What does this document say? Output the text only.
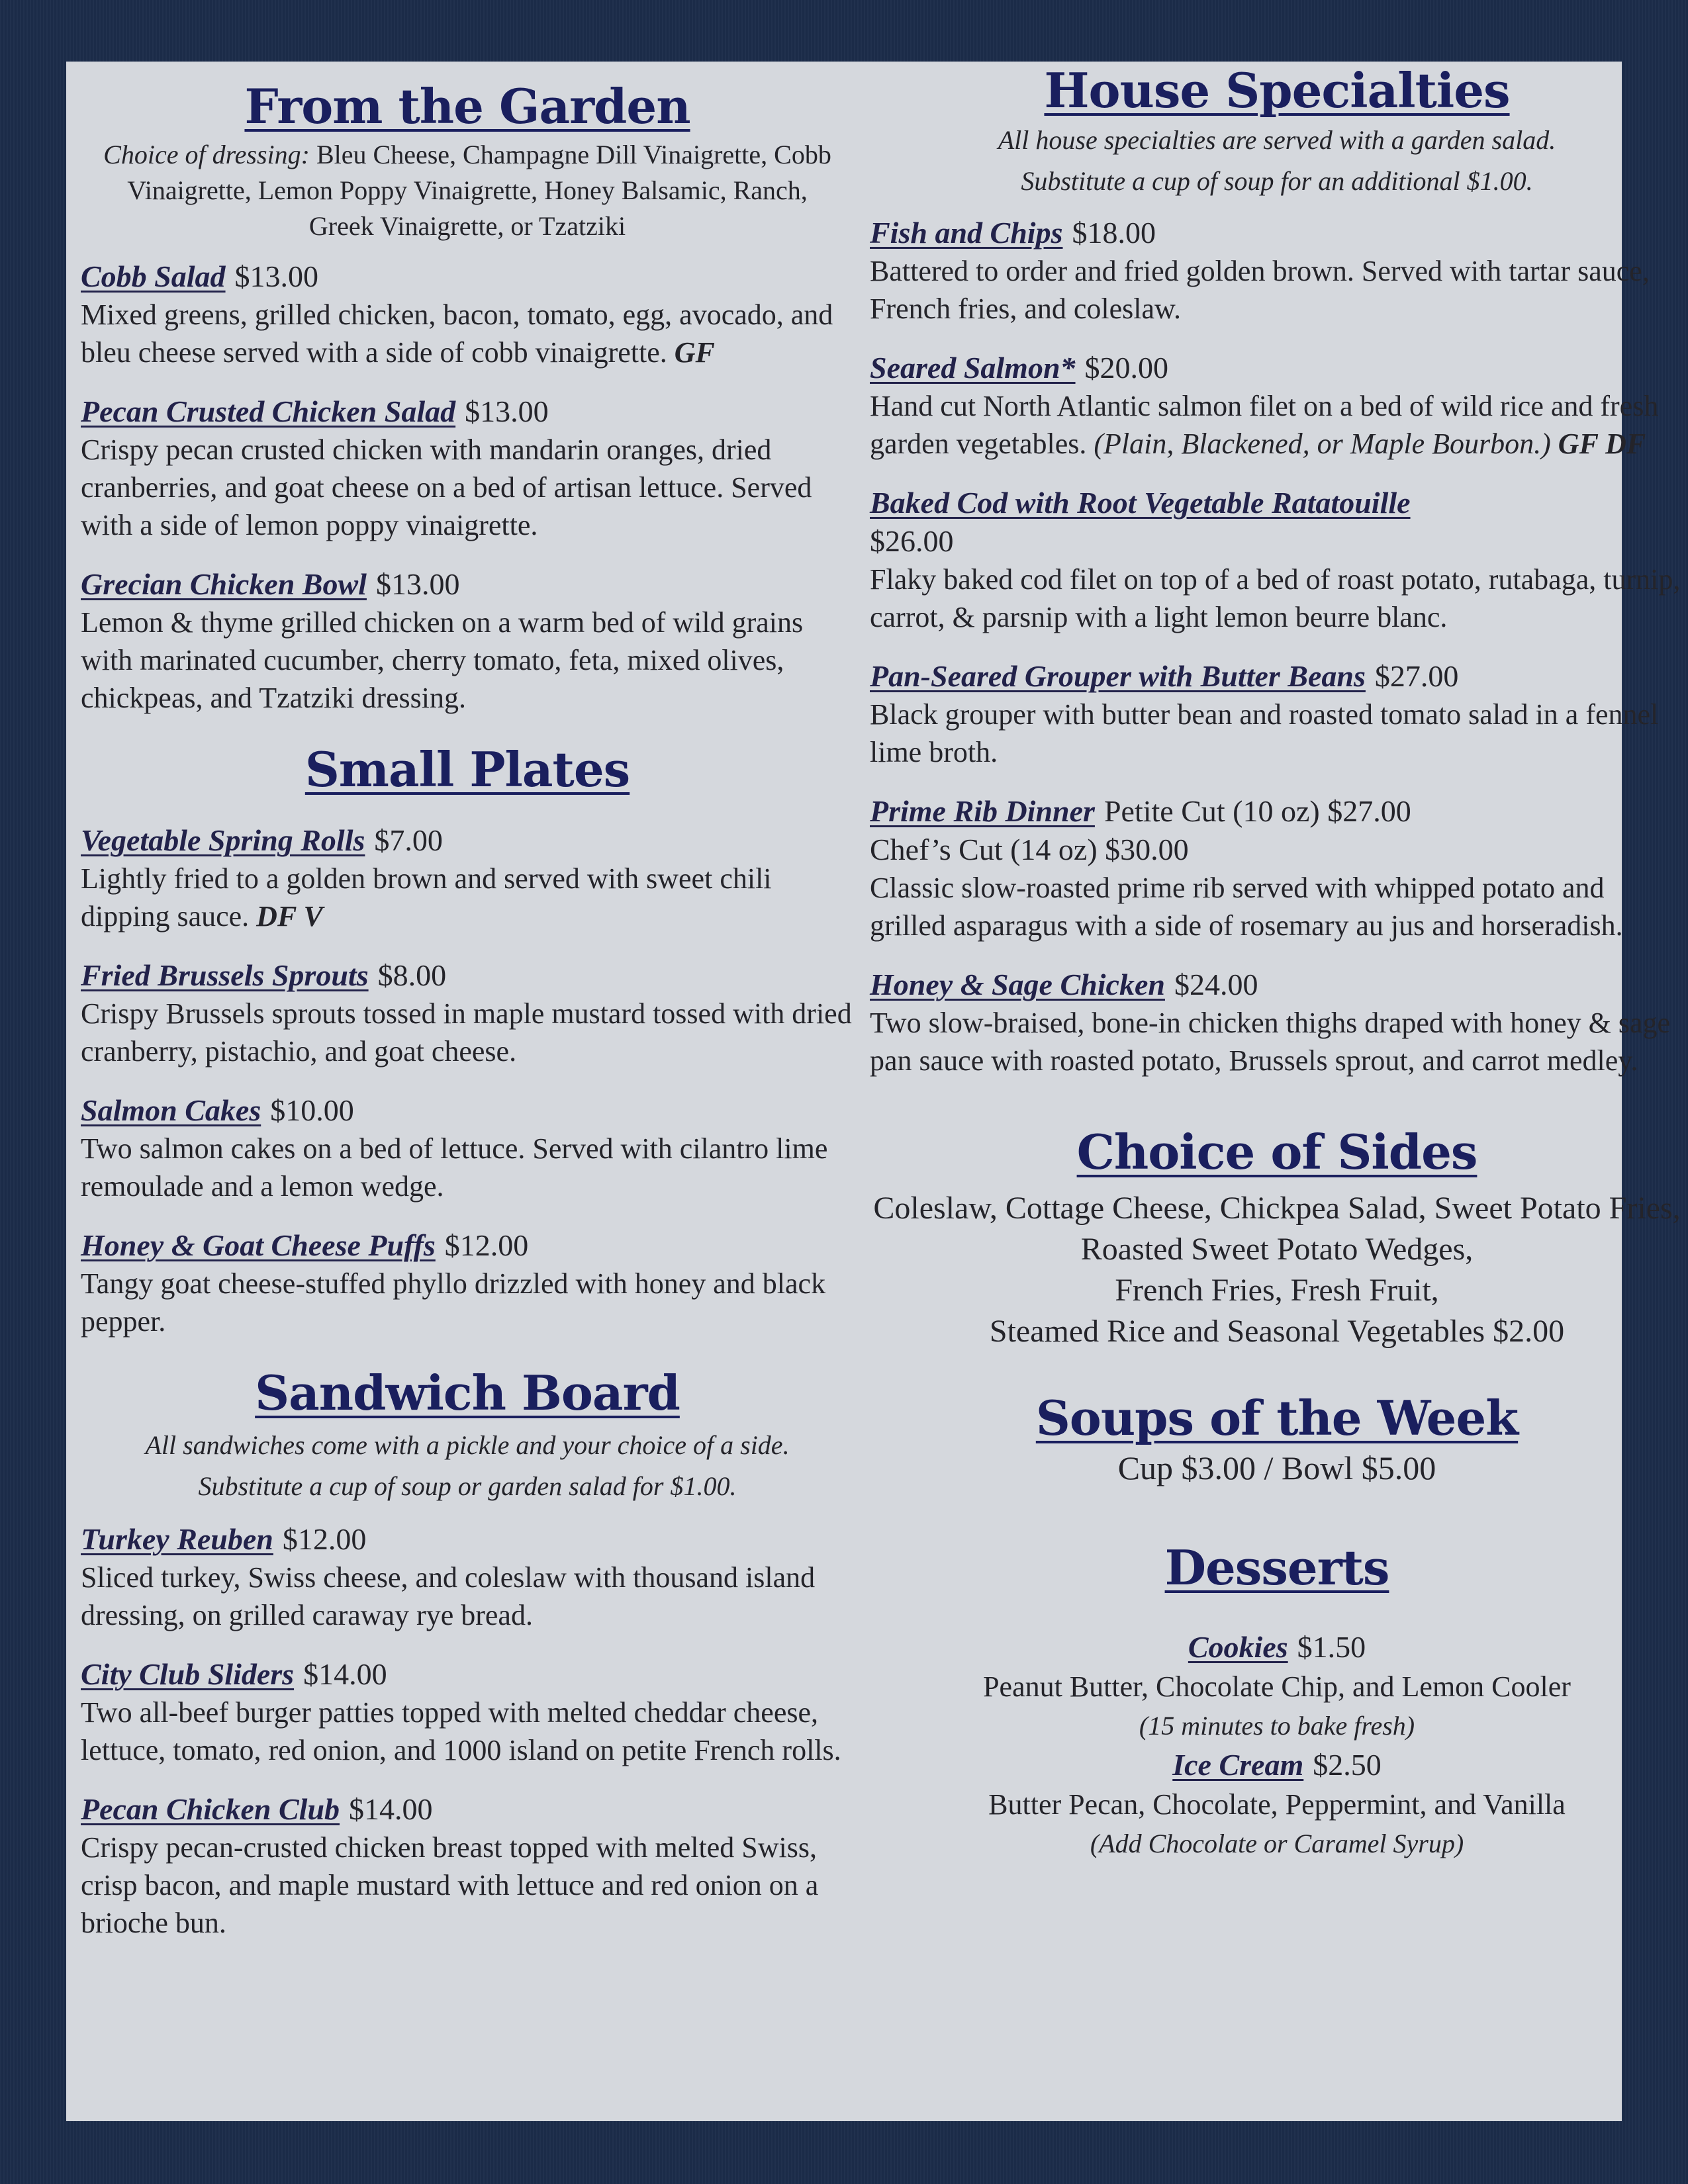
From the Garden
Choice of dressing: Bleu Cheese, Champagne Dill Vinaigrette, Cobb Vinaigrette, Lemon Poppy Vinaigrette, Honey Balsamic, Ranch, Greek Vinaigrette, or Tzatziki
Cobb Salad $13.00
Mixed greens, grilled chicken, bacon, tomato, egg, avocado, and bleu cheese served with a side of cobb vinaigrette. GF
Pecan Crusted Chicken Salad $13.00
Crispy pecan crusted chicken with mandarin oranges, dried cranberries, and goat cheese on a bed of artisan lettuce. Served with a side of lemon poppy vinaigrette.
Grecian Chicken Bowl $13.00
Lemon & thyme grilled chicken on a warm bed of wild grains with marinated cucumber, cherry tomato, feta, mixed olives, chickpeas, and Tzatziki dressing.
Small Plates
Vegetable Spring Rolls $7.00
Lightly fried to a golden brown and served with sweet chili dipping sauce. DF V
Fried Brussels Sprouts $8.00
Crispy Brussels sprouts tossed in maple mustard tossed with dried cranberry, pistachio, and goat cheese.
Salmon Cakes $10.00
Two salmon cakes on a bed of lettuce. Served with cilantro lime remoulade and a lemon wedge.
Honey & Goat Cheese Puffs $12.00
Tangy goat cheese-stuffed phyllo drizzled with honey and black pepper.
Sandwich Board
All sandwiches come with a pickle and your choice of a side.
Substitute a cup of soup or garden salad for $1.00.
Turkey Reuben $12.00
Sliced turkey, Swiss cheese, and coleslaw with thousand island dressing, on grilled caraway rye bread.
City Club Sliders $14.00
Two all-beef burger patties topped with melted cheddar cheese, lettuce, tomato, red onion, and 1000 island on petite French rolls.
Pecan Chicken Club $14.00
Crispy pecan-crusted chicken breast topped with melted Swiss, crisp bacon, and maple mustard with lettuce and red onion on a brioche bun.
House Specialties
All house specialties are served with a garden salad.
Substitute a cup of soup for an additional $1.00.
Fish and Chips $18.00
Battered to order and fried golden brown. Served with tartar sauce, French fries, and coleslaw.
Seared Salmon* $20.00
Hand cut North Atlantic salmon filet on a bed of wild rice and fresh garden vegetables. (Plain, Blackened, or Maple Bourbon.) GF DF
Baked Cod with Root Vegetable Ratatouille
$26.00
Flaky baked cod filet on top of a bed of roast potato, rutabaga, turnip, carrot, & parsnip with a light lemon beurre blanc.
Pan-Seared Grouper with Butter Beans $27.00
Black grouper with butter bean and roasted tomato salad in a fennel lime broth.
Prime Rib Dinner Petite Cut (10 oz) $27.00
Chef’s Cut (14 oz) $30.00
Classic slow-roasted prime rib served with whipped potato and grilled asparagus with a side of rosemary au jus and horseradish.
Honey & Sage Chicken $24.00
Two slow-braised, bone-in chicken thighs draped with honey & sage pan sauce with roasted potato, Brussels sprout, and carrot medley.
Choice of Sides
Coleslaw, Cottage Cheese, Chickpea Salad, Sweet Potato Fries, Roasted Sweet Potato Wedges,
French Fries, Fresh Fruit,
Steamed Rice and Seasonal Vegetables $2.00
Soups of the Week
Cup $3.00 / Bowl $5.00
Desserts
Cookies $1.50
Peanut Butter, Chocolate Chip, and Lemon Cooler
(15 minutes to bake fresh)
Ice Cream $2.50
Butter Pecan, Chocolate, Peppermint, and Vanilla
(Add Chocolate or Caramel Syrup)
